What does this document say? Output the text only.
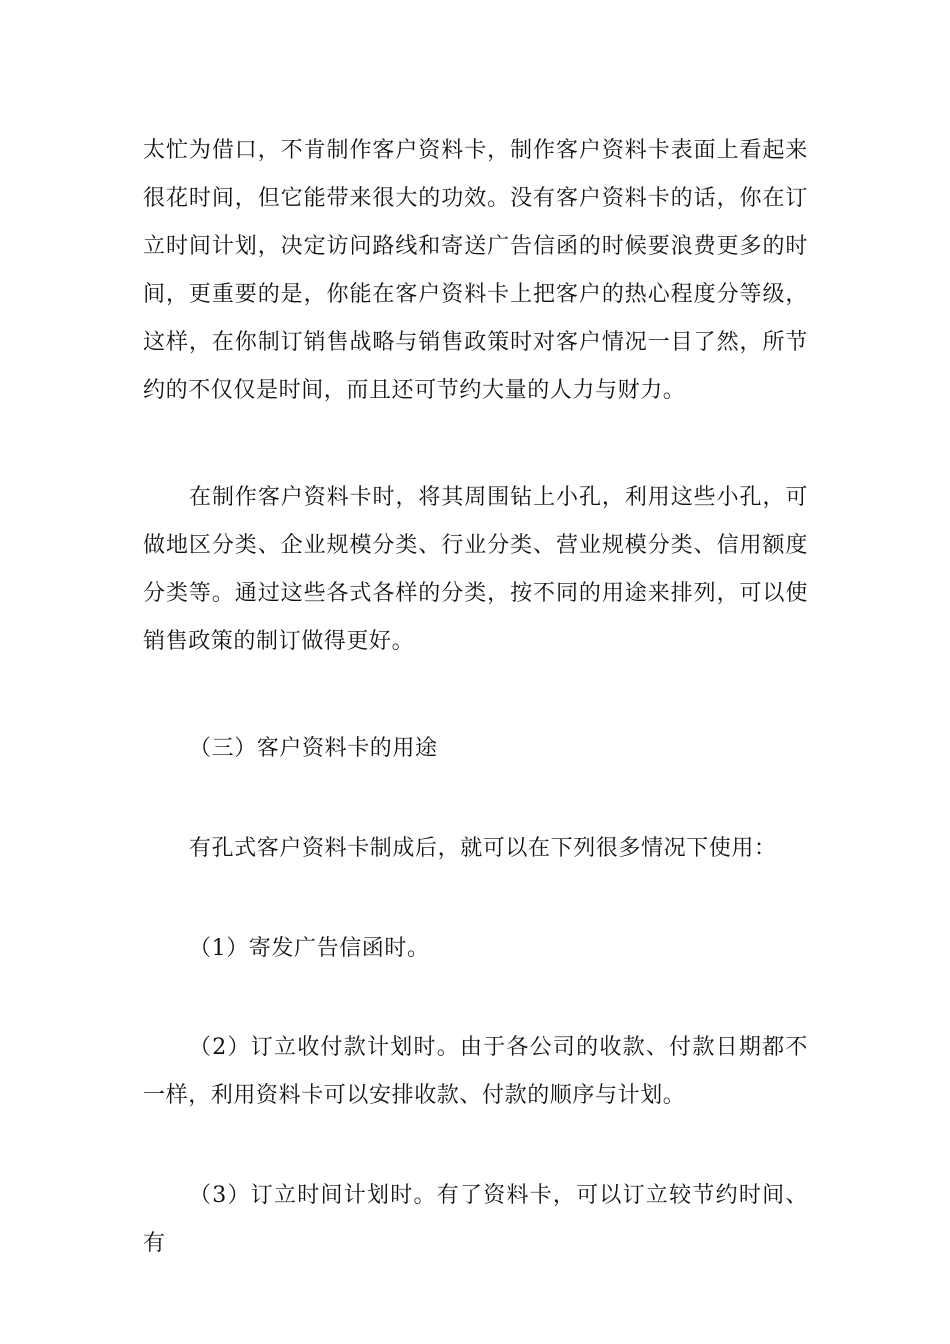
太忙为借口，不肯制作客户资料卡，制作客户资料卡表面上看起来很花时间，但它能带来很大的功效。没有客户资料卡的话，你在订立时间计划，决定访问路线和寄送广告信函的时候要浪费更多的时间，更重要的是，你能在客户资料卡上把客户的热心程度分等级，这样，在你制订销售战略与销售政策时对客户情况一目了然，所节约的不仅仅是时间，而且还可节约大量的人力与财力。

在制作客户资料卡时，将其周围钻上小孔，利用这些小孔，可做地区分类、企业规模分类、行业分类、营业规模分类、信用额度分类等。通过这些各式各样的分类，按不同的用途来排列，可以使销售政策的制订做得更好。

（三）客户资料卡的用途

有孔式客户资料卡制成后，就可以在下列很多情况下使用：

（1）寄发广告信函时。

（2）订立收付款计划时。由于各公司的收款、付款日期都不一样，利用资料卡可以安排收款、付款的顺序与计划。

（3）订立时间计划时。有了资料卡，可以订立较节约时间、有
